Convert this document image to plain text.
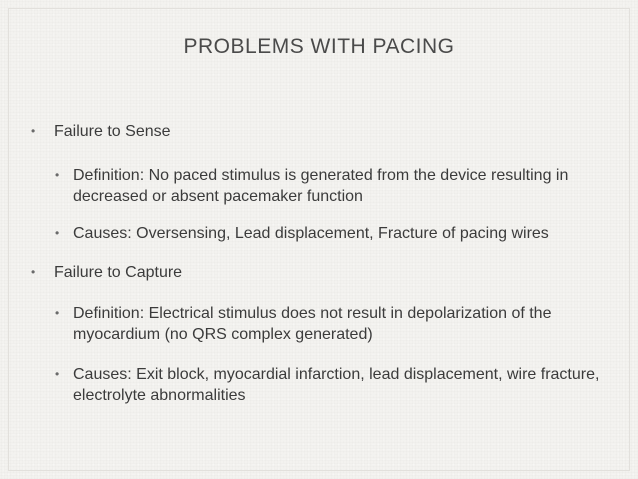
PROBLEMS WITH PACING
• Failure to Sense
• Definition: No paced stimulus is generated from the device resulting in decreased or absent pacemaker function
• Causes: Oversensing, Lead displacement, Fracture of pacing wires
• Failure to Capture
• Definition: Electrical stimulus does not result in depolarization of the myocardium (no QRS complex generated)
• Causes: Exit block, myocardial infarction, lead displacement, wire fracture, electrolyte abnormalities
